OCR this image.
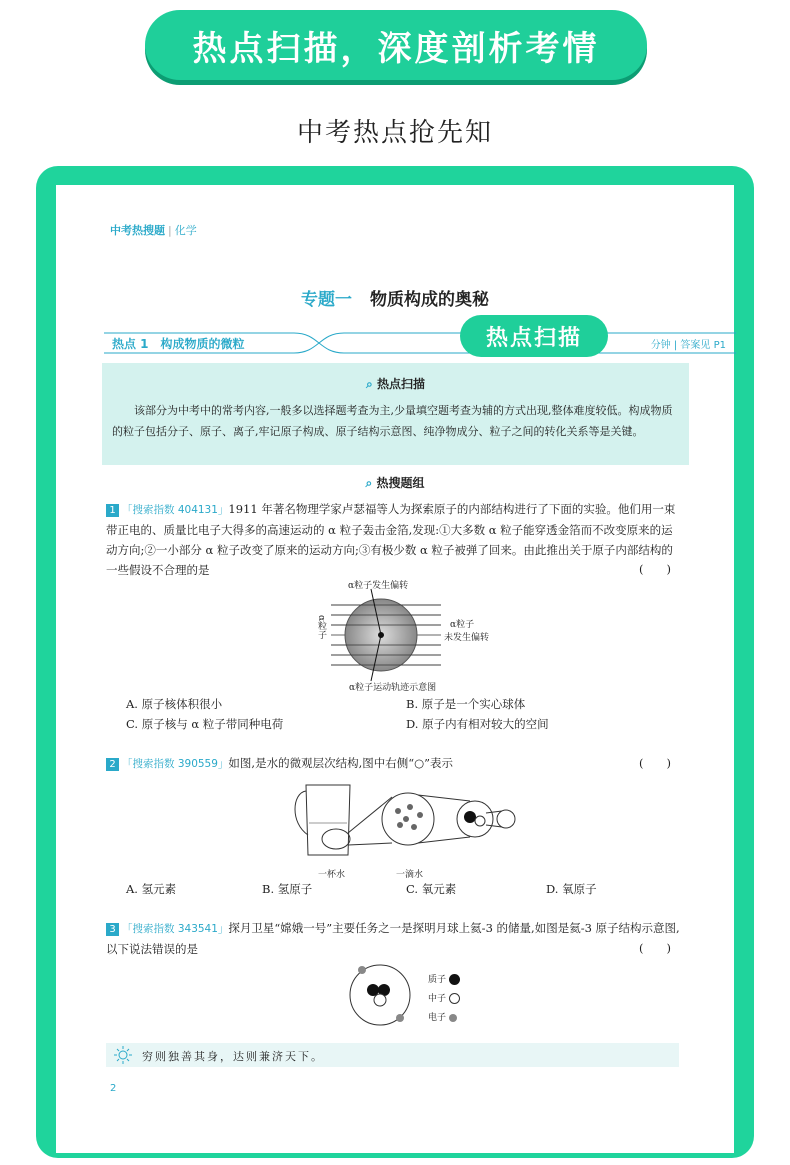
热点扫描，深度剖析考情
中考热点抢先知
中考热搜题 | 化学
专题一 物质构成的奥秘
热点 1　构成物质的微粒	分钟 | 答案见 P1
热点扫描
⌕ 热点扫描
该部分为中考中的常考内容,一般多以选择题考查为主,少量填空题考查为辅的方式出现,整体难度较低。构成物质的粒子包括分子、原子、离子,牢记原子构成、原子结构示意图、纯净物成分、粒子之间的转化关系等是关键。
⌕ 热搜题组
1 「搜索指数 404131」1911 年著名物理学家卢瑟福等人为探索原子的内部结构进行了下面的实验。他们用一束带正电的、质量比电子大得多的高速运动的 α 粒子轰击金箔,发现:①大多数 α 粒子能穿透金箔而不改变原来的运动方向;②一小部分 α 粒子改变了原来的运动方向;③有极少数 α 粒子被弹了回来。由此推出关于原子内部结构的一些假设不合理的是	(　　)
α粒子发生偏转
α粒子	α粒子
未发生偏转
α粒子运动轨迹示意图
A. 原子核体积很小	B. 原子是一个实心球体
C. 原子核与 α 粒子带同种电荷	D. 原子内有相对较大的空间
2 「搜索指数 390559」如图,是水的微观层次结构,图中右侧“○”表示	(　　)
一杯水	一滴水
A. 氢元素	B. 氢原子	C. 氧元素	D. 氧原子
3 「搜索指数 343541」探月卫星“嫦娥一号”主要任务之一是探明月球上氦-3 的储量,如图是氦-3 原子结构示意图,以下说法错误的是	(　　)
质子
中子
电子
穷则独善其身，达则兼济天下。
2
